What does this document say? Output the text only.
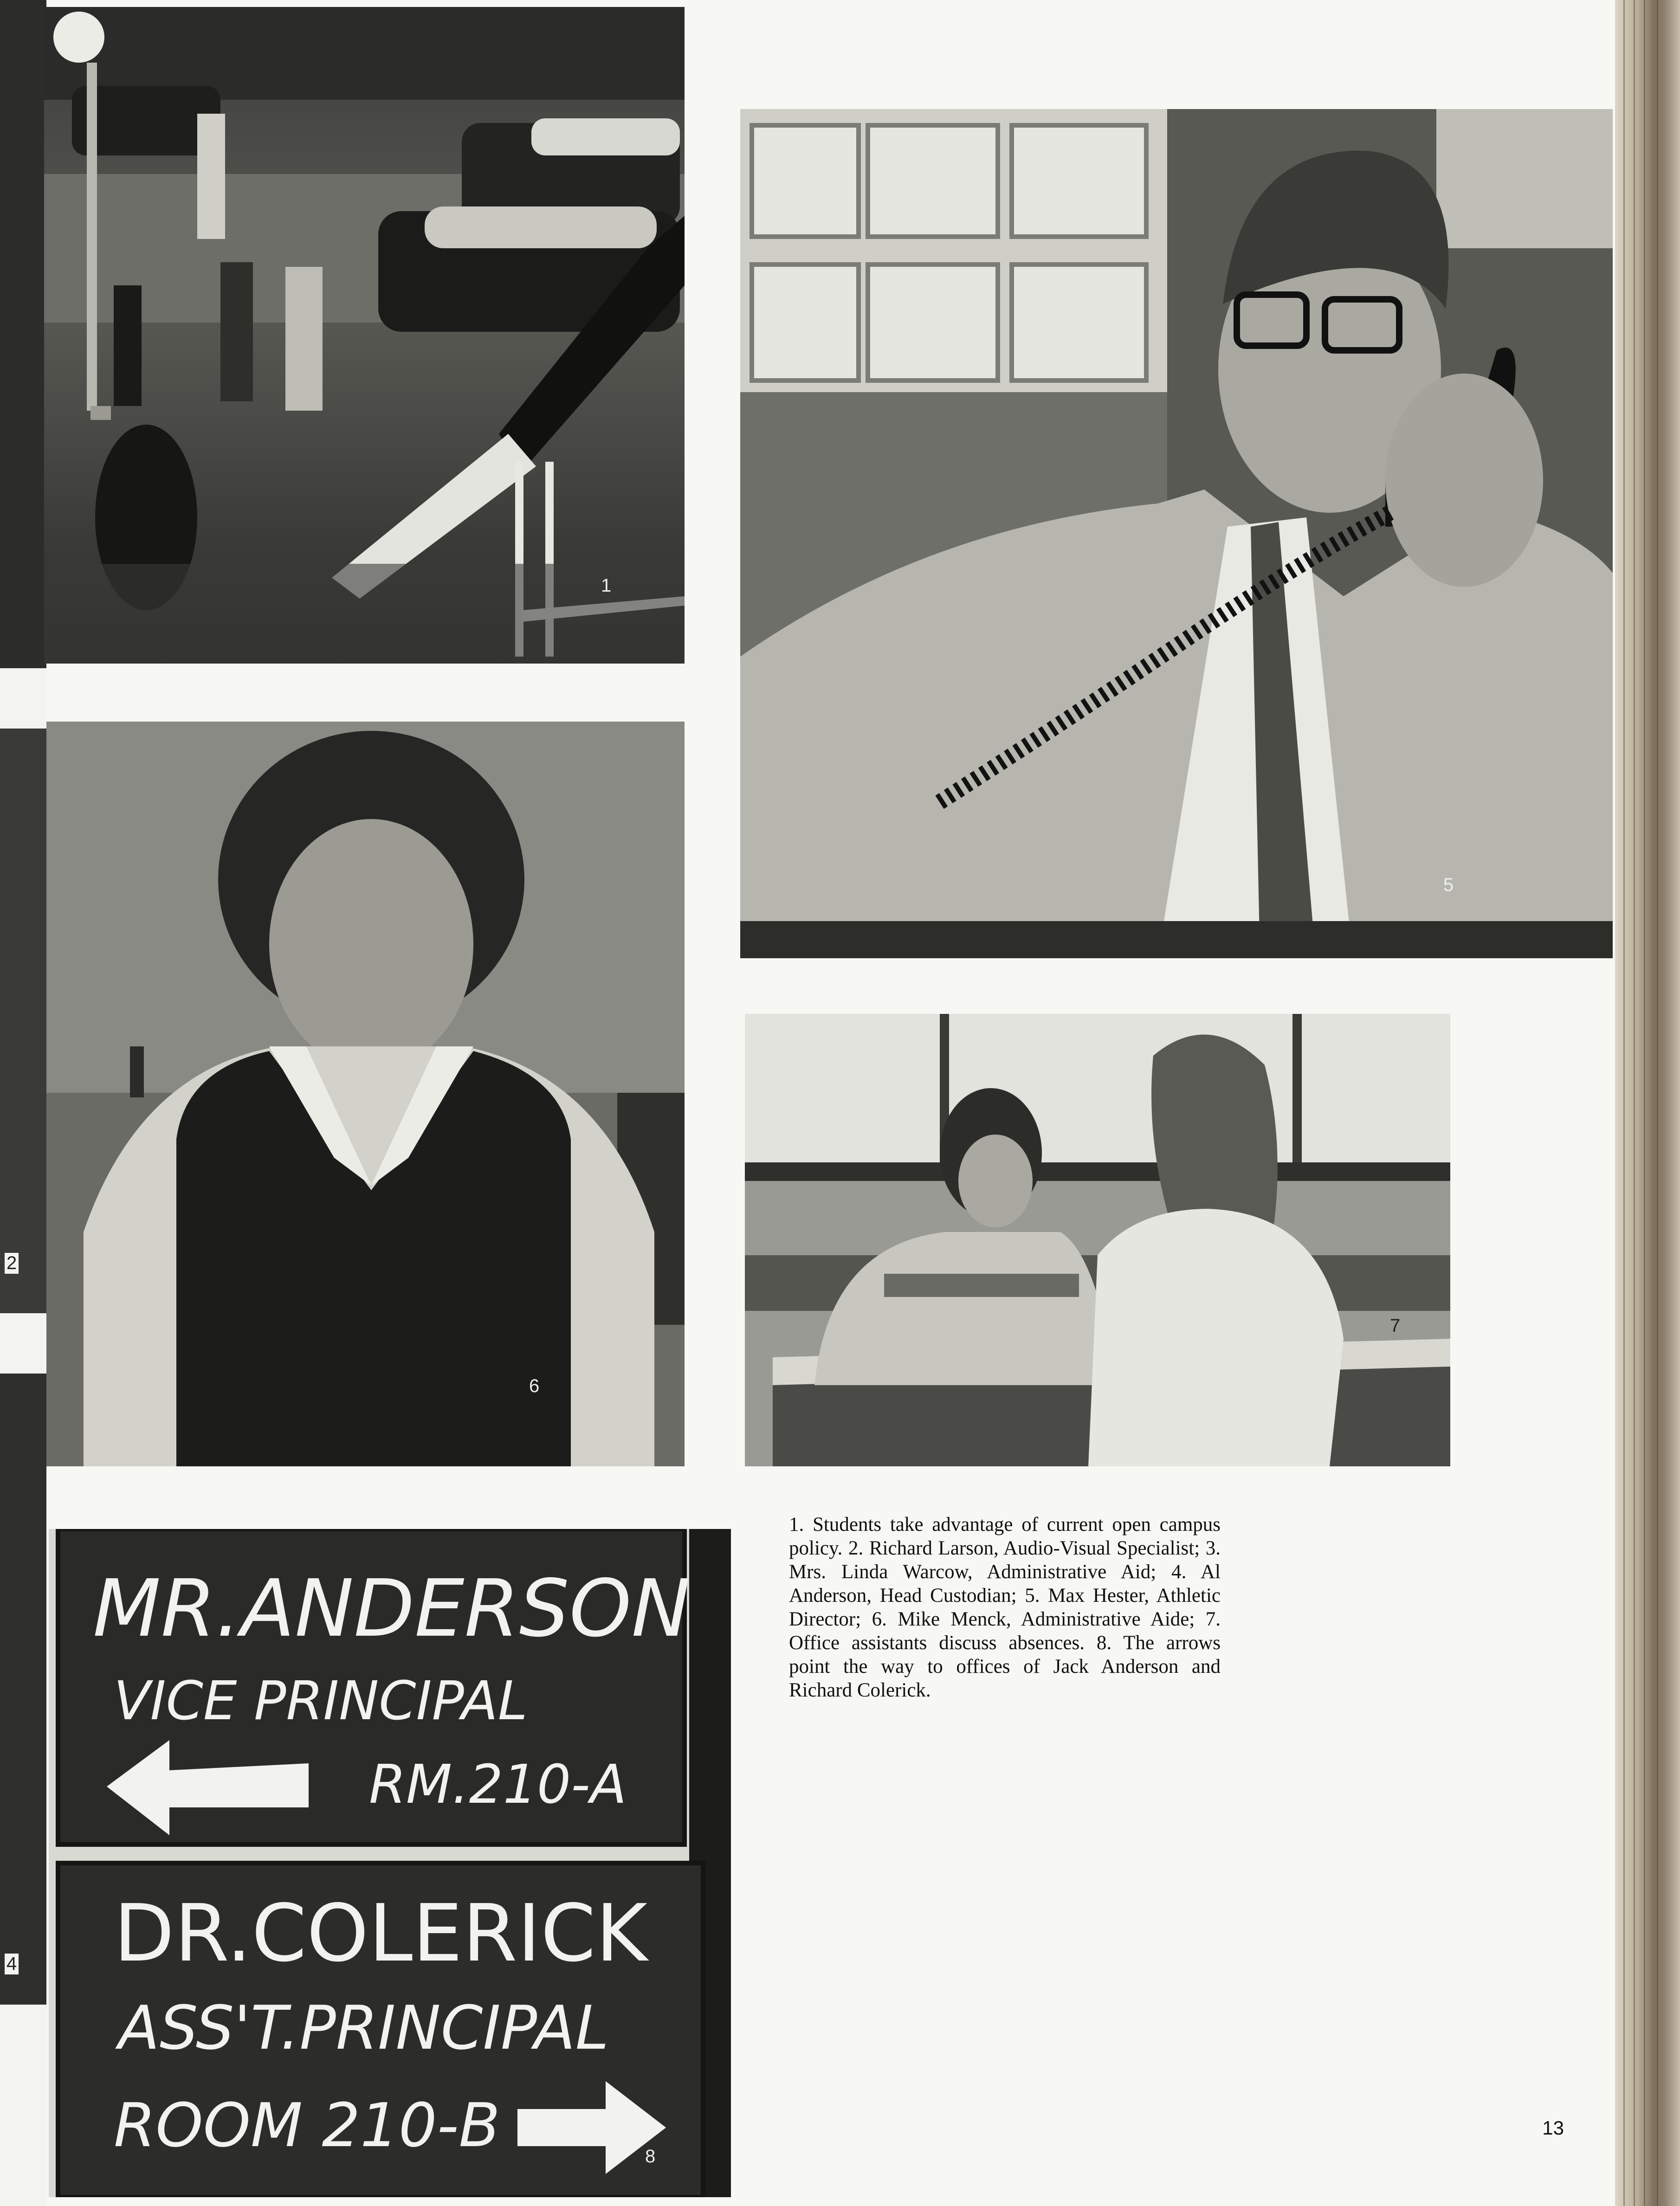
2
4
1
5
6
7
MR.ANDERSON
VICE PRINCIPAL
RM.210-A
DR.COLERICK
ASS'T.PRINCIPAL
ROOM 210-B	8
1. Students take advantage of current open campus policy. 2. Richard Larson, Audio-Visual Specialist; 3. Mrs. Linda Warcow, Administrative Aid; 4. Al Anderson, Head Custodian; 5. Max Hester, Athletic Director; 6. Mike Menck, Administrative Aide; 7. Office assistants discuss absences. 8. The arrows point the way to offices of Jack Anderson and Richard Colerick.
13
